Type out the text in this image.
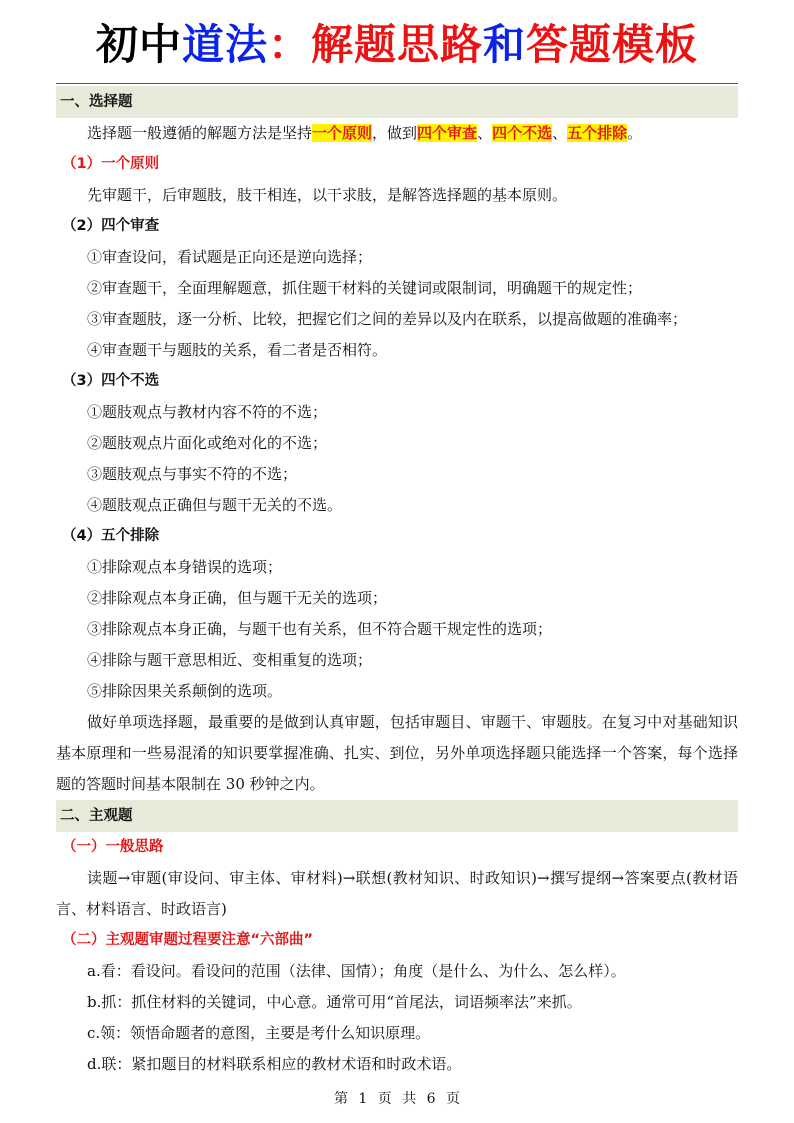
初中道法：解题思路和答题模板
一、选择题
选择题一般遵循的解题方法是坚持一个原则，做到四个审查、四个不选、五个排除。
（1）一个原则
先审题干，后审题肢，肢干相连，以干求肢，是解答选择题的基本原则。
（2）四个审查
①审查设问，看试题是正向还是逆向选择；
②审查题干，全面理解题意，抓住题干材料的关键词或限制词，明确题干的规定性；
③审查题肢，逐一分析、比较，把握它们之间的差异以及内在联系，以提高做题的准确率；
④审查题干与题肢的关系，看二者是否相符。
（3）四个不选
①题肢观点与教材内容不符的不选；
②题肢观点片面化或绝对化的不选；
③题肢观点与事实不符的不选；
④题肢观点正确但与题干无关的不选。
（4）五个排除
①排除观点本身错误的选项；
②排除观点本身正确，但与题干无关的选项；
③排除观点本身正确，与题干也有关系，但不符合题干规定性的选项；
④排除与题干意思相近、变相重复的选项；
⑤排除因果关系颠倒的选项。
做好单项选择题，最重要的是做到认真审题，包括审题目、审题干、审题肢。在复习中对基础知识基本原理和一些易混淆的知识要掌握准确、扎实、到位，另外单项选择题只能选择一个答案，每个选择题的答题时间基本限制在 30 秒钟之内。
二、主观题
（一）一般思路
读题→审题(审设问、审主体、审材料)→联想(教材知识、时政知识)→撰写提纲→答案要点(教材语言、材料语言、时政语言)
（二）主观题审题过程要注意“六部曲”
a.看：看设问。看设问的范围（法律、国情）；角度（是什么、为什么、怎么样）。
b.抓：抓住材料的关键词，中心意。通常可用“首尾法，词语频率法”来抓。
c.领：领悟命题者的意图，主要是考什么知识原理。
d.联：紧扣题目的材料联系相应的教材术语和时政术语。
第 1 页 共 6 页
